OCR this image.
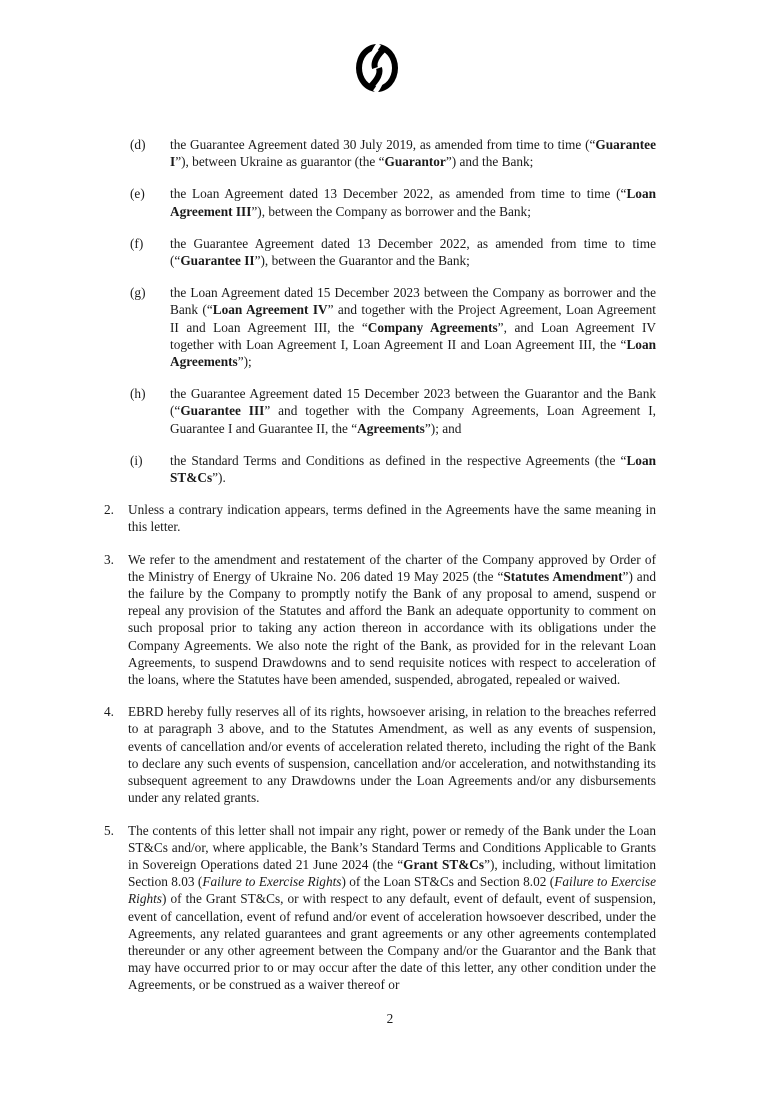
(d) the Guarantee Agreement dated 30 July 2019, as amended from time to time (“Guarantee I”), between Ukraine as guarantor (the “Guarantor”) and the Bank;
(e) the Loan Agreement dated 13 December 2022, as amended from time to time (“Loan Agreement III”), between the Company as borrower and the Bank;
(f) the Guarantee Agreement dated 13 December 2022, as amended from time to time (“Guarantee II”), between the Guarantor and the Bank;
(g) the Loan Agreement dated 15 December 2023 between the Company as borrower and the Bank (“Loan Agreement IV” and together with the Project Agreement, Loan Agreement II and Loan Agreement III, the “Company Agreements”, and Loan Agreement IV together with Loan Agreement I, Loan Agreement II and Loan Agreement III, the “Loan Agreements”);
(h) the Guarantee Agreement dated 15 December 2023 between the Guarantor and the Bank (“Guarantee III” and together with the Company Agreements, Loan Agreement I, Guarantee I and Guarantee II, the “Agreements”); and
(i) the Standard Terms and Conditions as defined in the respective Agreements (the “Loan ST&Cs”).
2. Unless a contrary indication appears, terms defined in the Agreements have the same meaning in this letter.
3. We refer to the amendment and restatement of the charter of the Company approved by Order of the Ministry of Energy of Ukraine No. 206 dated 19 May 2025 (the “Statutes Amendment”) and the failure by the Company to promptly notify the Bank of any proposal to amend, suspend or repeal any provision of the Statutes and afford the Bank an adequate opportunity to comment on such proposal prior to taking any action thereon in accordance with its obligations under the Company Agreements. We also note the right of the Bank, as provided for in the relevant Loan Agreements, to suspend Drawdowns and to send requisite notices with respect to acceleration of the loans, where the Statutes have been amended, suspended, abrogated, repealed or waived.
4. EBRD hereby fully reserves all of its rights, howsoever arising, in relation to the breaches referred to at paragraph 3 above, and to the Statutes Amendment, as well as any events of suspension, events of cancellation and/or events of acceleration related thereto, including the right of the Bank to declare any such events of suspension, cancellation and/or acceleration, and notwithstanding its subsequent agreement to any Drawdowns under the Loan Agreements and/or any disbursements under any related grants.
5. The contents of this letter shall not impair any right, power or remedy of the Bank under the Loan ST&Cs and/or, where applicable, the Bank’s Standard Terms and Conditions Applicable to Grants in Sovereign Operations dated 21 June 2024 (the “Grant ST&Cs”), including, without limitation Section 8.03 (Failure to Exercise Rights) of the Loan ST&Cs and Section 8.02 (Failure to Exercise Rights) of the Grant ST&Cs, or with respect to any default, event of default, event of suspension, event of cancellation, event of refund and/or event of acceleration howsoever described, under the Agreements, any related guarantees and grant agreements or any other agreements contemplated thereunder or any other agreement between the Company and/or the Guarantor and the Bank that may have occurred prior to or may occur after the date of this letter, any other condition under the Agreements, or be construed as a waiver thereof or
2
